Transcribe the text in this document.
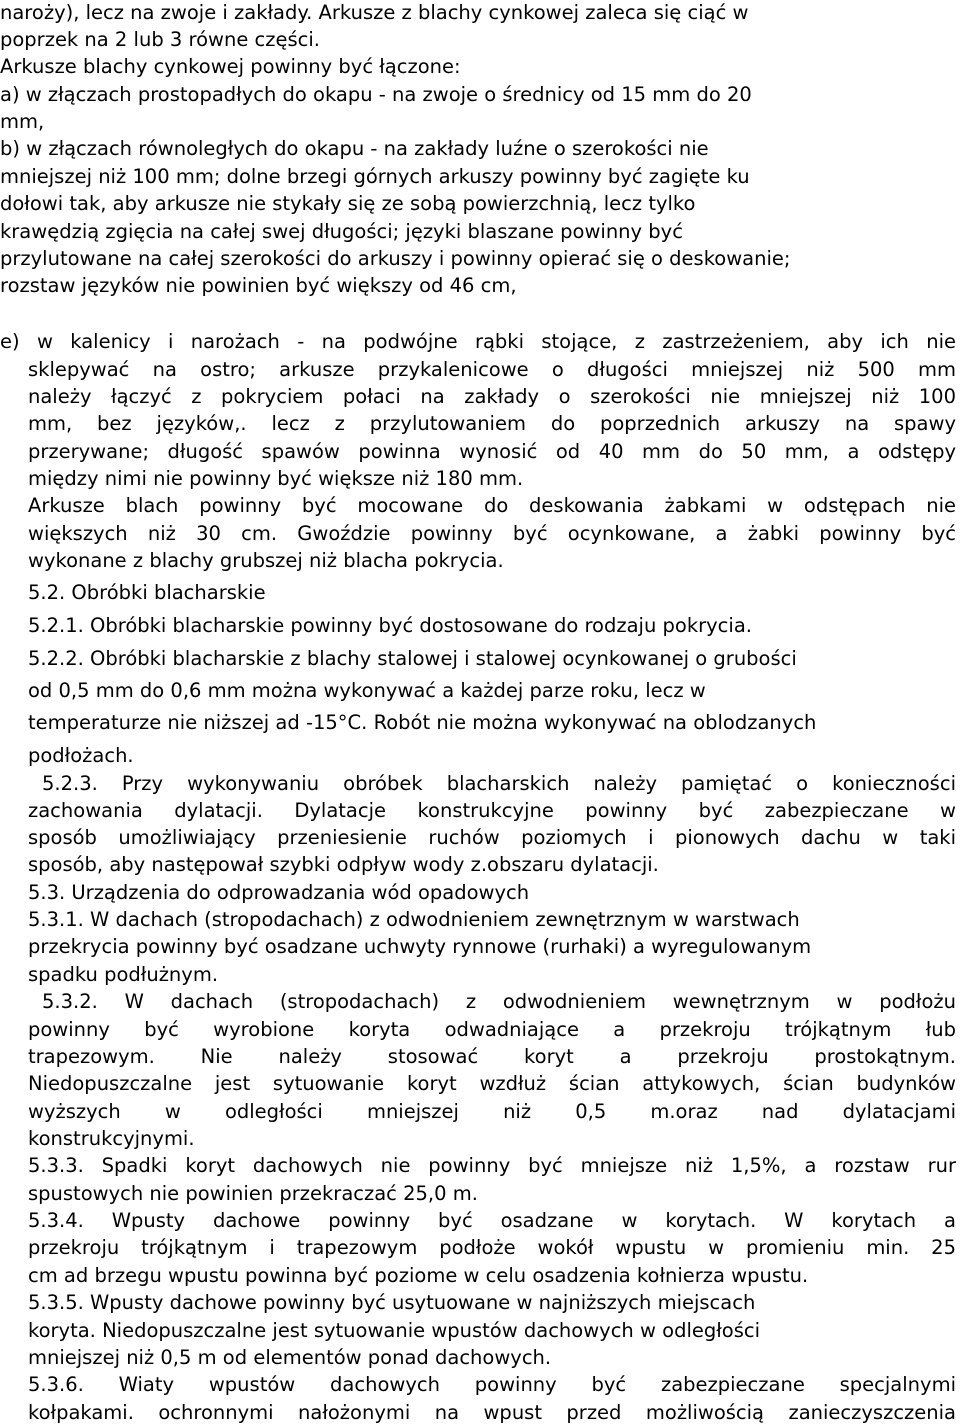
narożу), lecz na zwoje i zakłady. Arkusze z blachy cynkowej zaleca się ciąć w
poprzek na 2 lub 3 równe części.
Arkusze blachy cynkowej powinny być łączone:
a) w złączach prostopadłych do okapu - na zwoje o średnicy od 15 mm do 20
mm,
b) w złączach równoległych do okapu - na zakłady luźne o szerokości nie
mniejszej niż 100 mm; dolne brzegi górnych arkuszy powinny być zagięte ku
dołowi tak, aby arkusze nie stykały się ze sobą powierzchnią, lecz tylko
krawędzią zgięcia na całej swej długości; języki blaszane powinny być
przylutowane na całej szerokości do arkuszy i powinny opierać się o deskowanie;
rozstaw języków nie powinien być większy od 46 cm,
e) w kalenicy i narożach - na podwójne rąbki stojące, z zastrzeżeniem, aby ich nie
sklepywać na ostro; arkusze przykalenicowe o długości mniejszej niż 500 mm
należy łączyć z pokryciem połaci na zakłady o szerokości nie mniejszej niż 100
mm, bez języków,. lecz z przylutowaniem do poprzednich arkuszy na spawy
przerywane; długość spawów powinna wynosić od 40 mm do 50 mm, a odstępy
między nimi nie powinny być większe niż 180 mm.
Arkusze blach powinny być mocowane do deskowania żabkami w odstępach nie
większych niż 30 cm. Gwoździe powinny być ocynkowane, a żabki powinny być
wykonane z blachy grubszej niż blacha pokrycia.
5.2. Obróbki blacharskie
5.2.1. Obróbki blacharskie powinny być dostosowane do rodzaju pokrycia.
5.2.2. Obróbki blacharskie z blachy stalowej i stalowej ocynkowanej o grubości
od 0,5 mm do 0,6 mm można wykonywać a każdej parze roku, lecz w
temperaturze nie niższej ad -15°C. Robót nie można wykonywać na oblodzanych
podłożach.
5.2.3. Przy wykonywaniu obróbek blacharskich należy pamiętać o konieczności
zachowania dylatacji. Dylatacje konstrukcyjne powinny być zabezpieczane w
sposób umożliwiający przeniesienie ruchów poziomych i pionowych dachu w taki
sposób, aby następował szybki odpływ wody z.obszaru dylatacji.
5.3. Urządzenia do odprowadzania wód opadowych
5.3.1. W dachach (stropodachach) z odwodnieniem zewnętrznym w warstwach
przekrycia powinny być osadzane uchwyty rynnowe (rurhaki) a wyregulowanym
spadku podłużnym.
5.3.2. W dachach (stropodachach) z odwodnieniem wewnętrznym w podłożu
powinny być wyrobione koryta odwadniające a przekroju trójkątnym łub
trapezowym. Nie należy stosować koryt a przekroju prostokątnym.
Niedopuszczalne jest sytuowanie koryt wzdłuż ścian attykowych, ścian budynków
wyższych w odległości mniejszej niż 0,5 m.oraz nad dylatacjami
konstrukcyjnymi.
5.3.3. Spadki koryt dachowych nie powinny być mniejsze niż 1,5%, a rozstaw rur
spustowych nie powinien przekraczać 25,0 m.
5.3.4. Wpusty dachowe powinny być osadzane w korytach. W korytach a
przekroju trójkątnym i trapezowym podłoże wokół wpustu w promieniu min. 25
cm ad brzegu wpustu powinna być poziome w celu osadzenia kołnierza wpustu.
5.3.5. Wpusty dachowe powinny być usytuowane w najniższych miejscach
koryta. Niedopuszczalne jest sytuowanie wpustów dachowych w odległości
mniejszej niż 0,5 m od elementów ponad dachowych.
5.3.6. Wiaty wpustów dachowych powinny być zabezpieczane specjalnymi
kołpakami. ochronnymi nałożonymi na wpust przed możliwością zanieczyszczenia
